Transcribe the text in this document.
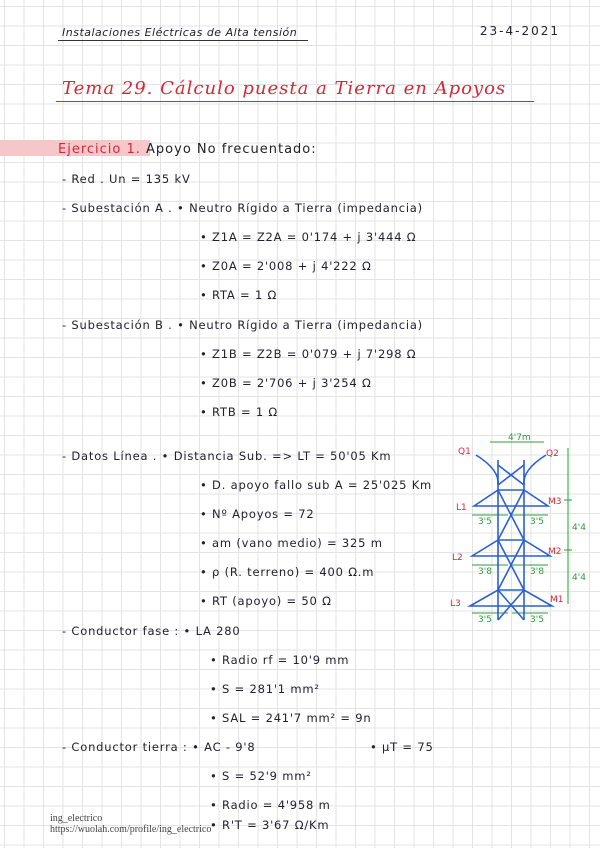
Instalaciones Eléctricas de Alta tensión	23-4-2021
Tema 29. Cálculo puesta a Tierra en Apoyos
Ejercicio 1. Apoyo No frecuentado:
- Red . Un = 135 kV
- Subestación A . • Neutro Rígido a Tierra (impedancia)
• Z1A = Z2A = 0'174 + j 3'444 Ω
• Z0A = 2'008 + j 4'222 Ω
• RTA = 1 Ω
- Subestación B . • Neutro Rígido a Tierra (impedancia)
• Z1B = Z2B = 0'079 + j 7'298 Ω
• Z0B = 2'706 + j 3'254 Ω
• RTB = 1 Ω
- Datos Línea . • Distancia Sub. => LT = 50'05 Km
• D. apoyo fallo sub A = 25'025 Km
• Nº Apoyos = 72
• am (vano medio) = 325 m
• ρ (R. terreno) = 400 Ω.m
• RT (apoyo) = 50 Ω
- Conductor fase : • LA 280
• Radio rf = 10'9 mm
• S = 281'1 mm²
• SAL = 241'7 mm² = 9n
- Conductor tierra : • AC - 9'8
• S = 52'9 mm²
• Radio = 4'958 m
• R'T = 3'67 Ω/Km
• μT = 75
Q1	Q2
L1
L2
L3	M1
M2
M3
4'7m
3'5	3'5
3'8	3'8
3'5	3'5
4'4
4'4
ing_electrico
https://wuolah.com/profile/ing_electrico
